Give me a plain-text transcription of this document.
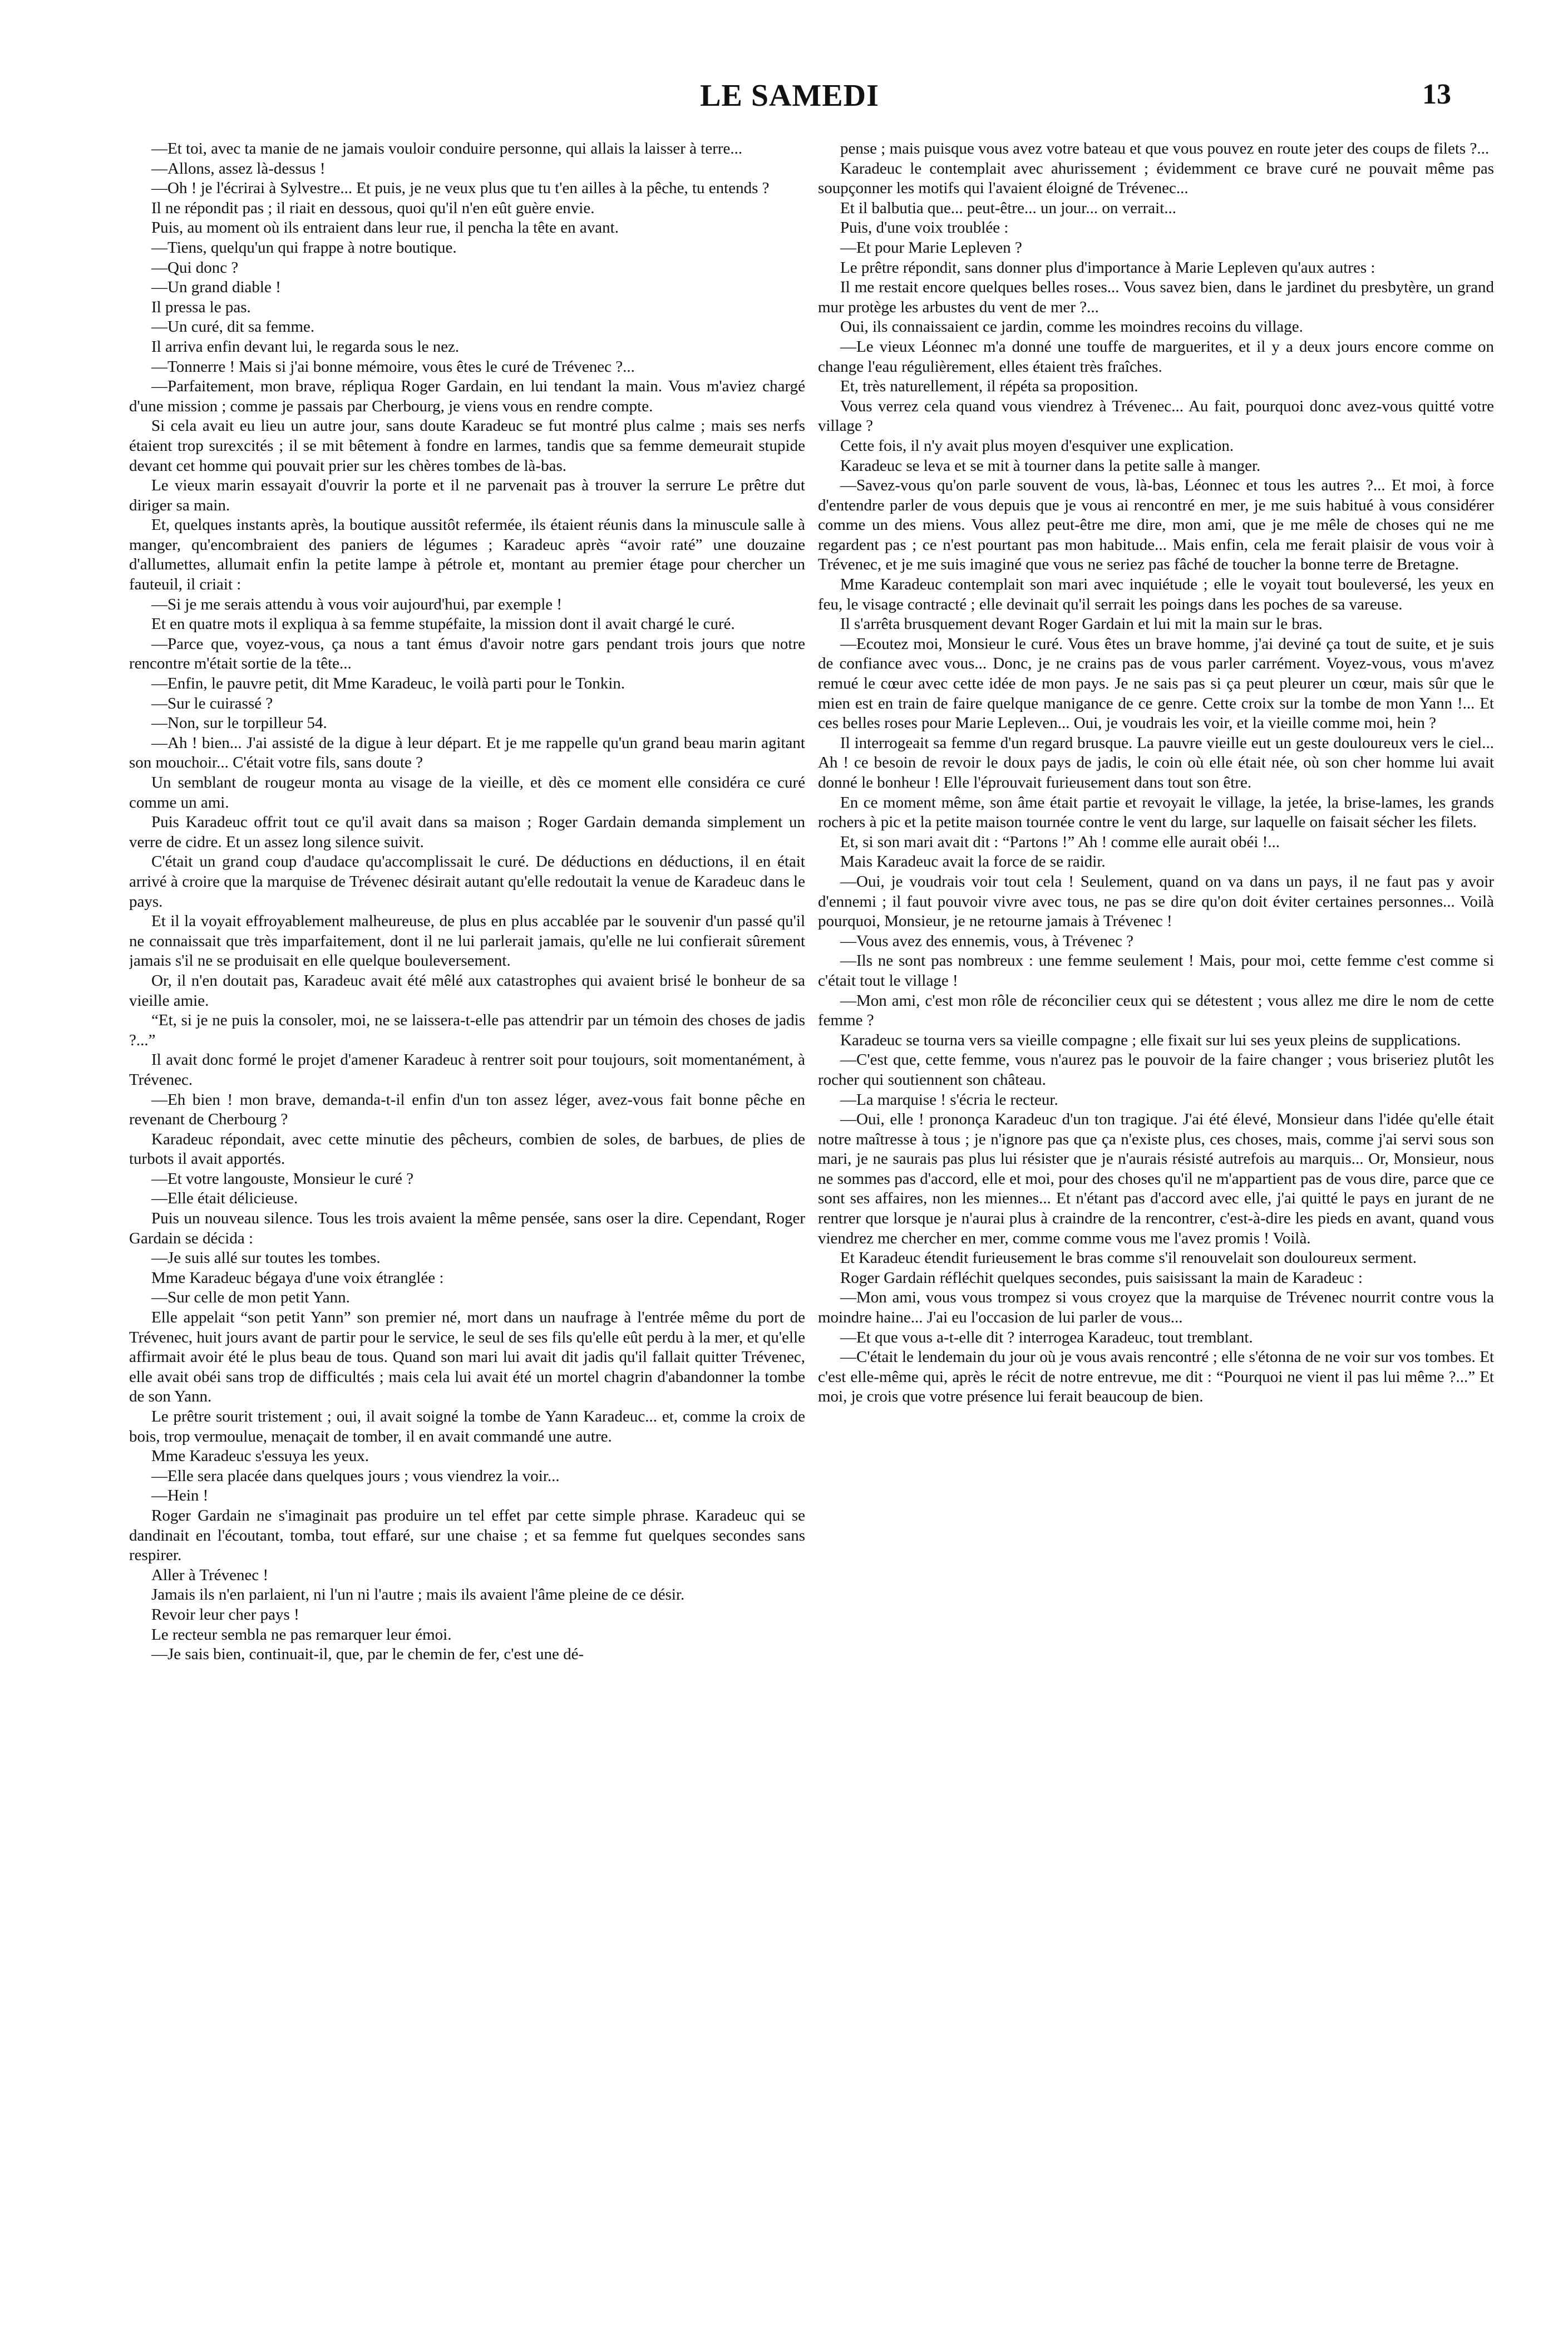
LE SAMEDI	13

—Et toi, avec ta manie de ne jamais vouloir conduire personne, qui allais la laisser à terre...

—Allons, assez là-dessus !

—Oh ! je l'écrirai à Sylvestre... Et puis, je ne veux plus que tu t'en ailles à la pêche, tu entends ?

Il ne répondit pas ; il riait en dessous, quoi qu'il n'en eût guère envie.

Puis, au moment où ils entraient dans leur rue, il pencha la tête en avant.

—Tiens, quelqu'un qui frappe à notre boutique.

—Qui donc ?

—Un grand diable !

Il pressa le pas.

—Un curé, dit sa femme.

Il arriva enfin devant lui, le regarda sous le nez.

—Tonnerre ! Mais si j'ai bonne mémoire, vous êtes le curé de Trévenec ?...

—Parfaitement, mon brave, répliqua Roger Gardain, en lui tendant la main. Vous m'aviez chargé d'une mission ; comme je passais par Cherbourg, je viens vous en rendre compte.

Si cela avait eu lieu un autre jour, sans doute Karadeuc se fut montré plus calme ; mais ses nerfs étaient trop surexcités ; il se mit bêtement à fondre en larmes, tandis que sa femme demeurait stupide devant cet homme qui pouvait prier sur les chères tombes de là-bas.

Le vieux marin essayait d'ouvrir la porte et il ne parvenait pas à trouver la serrure Le prêtre dut diriger sa main.

Et, quelques instants après, la boutique aussitôt refermée, ils étaient réunis dans la minuscule salle à manger, qu'encombraient des paniers de légumes ; Karadeuc après “avoir raté” une douzaine d'allumettes, allumait enfin la petite lampe à pétrole et, montant au premier étage pour chercher un fauteuil, il criait :

—Si je me serais attendu à vous voir aujourd'hui, par exemple !

Et en quatre mots il expliqua à sa femme stupéfaite, la mission dont il avait chargé le curé.

—Parce que, voyez-vous, ça nous a tant émus d'avoir notre gars pendant trois jours que notre rencontre m'était sortie de la tête...

—Enfin, le pauvre petit, dit Mme Karadeuc, le voilà parti pour le Tonkin.

—Sur le cuirassé ?

—Non, sur le torpilleur 54.

—Ah ! bien... J'ai assisté de la digue à leur départ. Et je me rappelle qu'un grand beau marin agitant son mouchoir... C'était votre fils, sans doute ?

Un semblant de rougeur monta au visage de la vieille, et dès ce moment elle considéra ce curé comme un ami.

Puis Karadeuc offrit tout ce qu'il avait dans sa maison ; Roger Gardain demanda simplement un verre de cidre. Et un assez long silence suivit.

C'était un grand coup d'audace qu'accomplissait le curé. De déductions en déductions, il en était arrivé à croire que la marquise de Trévenec désirait autant qu'elle redoutait la venue de Karadeuc dans le pays.

Et il la voyait effroyablement malheureuse, de plus en plus accablée par le souvenir d'un passé qu'il ne connaissait que très imparfaitement, dont il ne lui parlerait jamais, qu'elle ne lui confierait sûrement jamais s'il ne se produisait en elle quelque bouleversement.

Or, il n'en doutait pas, Karadeuc avait été mêlé aux catastrophes qui avaient brisé le bonheur de sa vieille amie.

“Et, si je ne puis la consoler, moi, ne se laissera-t-elle pas attendrir par un témoin des choses de jadis ?...”

Il avait donc formé le projet d'amener Karadeuc à rentrer soit pour toujours, soit momentanément, à Trévenec.

—Eh bien ! mon brave, demanda-t-il enfin d'un ton assez léger, avez-vous fait bonne pêche en revenant de Cherbourg ?

Karadeuc répondait, avec cette minutie des pêcheurs, combien de soles, de barbues, de plies de turbots il avait apportés.

—Et votre langouste, Monsieur le curé ?

—Elle était délicieuse.

Puis un nouveau silence. Tous les trois avaient la même pensée, sans oser la dire. Cependant, Roger Gardain se décida :

—Je suis allé sur toutes les tombes.

Mme Karadeuc bégaya d'une voix étranglée :

—Sur celle de mon petit Yann.

Elle appelait “son petit Yann” son premier né, mort dans un naufrage à l'entrée même du port de Trévenec, huit jours avant de partir pour le service, le seul de ses fils qu'elle eût perdu à la mer, et qu'elle affirmait avoir été le plus beau de tous. Quand son mari lui avait dit jadis qu'il fallait quitter Trévenec, elle avait obéi sans trop de difficultés ; mais cela lui avait été un mortel chagrin d'abandonner la tombe de son Yann.

Le prêtre sourit tristement ; oui, il avait soigné la tombe de Yann Karadeuc... et, comme la croix de bois, trop vermoulue, menaçait de tomber, il en avait commandé une autre.

Mme Karadeuc s'essuya les yeux.

—Elle sera placée dans quelques jours ; vous viendrez la voir...

—Hein !

Roger Gardain ne s'imaginait pas produire un tel effet par cette simple phrase. Karadeuc qui se dandinait en l'écoutant, tomba, tout effaré, sur une chaise ; et sa femme fut quelques secondes sans respirer.

Aller à Trévenec !

Jamais ils n'en parlaient, ni l'un ni l'autre ; mais ils avaient l'âme pleine de ce désir.

Revoir leur cher pays !

Le recteur sembla ne pas remarquer leur émoi.

—Je sais bien, continuait-il, que, par le chemin de fer, c'est une dé-

pense ; mais puisque vous avez votre bateau et que vous pouvez en route jeter des coups de filets ?...

Karadeuc le contemplait avec ahurissement ; évidemment ce brave curé ne pouvait même pas soupçonner les motifs qui l'avaient éloigné de Trévenec...

Et il balbutia que... peut-être... un jour... on verrait...

Puis, d'une voix troublée :

—Et pour Marie Lepleven ?

Le prêtre répondit, sans donner plus d'importance à Marie Lepleven qu'aux autres :

Il me restait encore quelques belles roses... Vous savez bien, dans le jardinet du presbytère, un grand mur protège les arbustes du vent de mer ?...

Oui, ils connaissaient ce jardin, comme les moindres recoins du village.

—Le vieux Léonnec m'a donné une touffe de marguerites, et il y a deux jours encore comme on change l'eau régulièrement, elles étaient très fraîches.

Et, très naturellement, il répéta sa proposition.

Vous verrez cela quand vous viendrez à Trévenec... Au fait, pourquoi donc avez-vous quitté votre village ?

Cette fois, il n'y avait plus moyen d'esquiver une explication.

Karadeuc se leva et se mit à tourner dans la petite salle à manger.

—Savez-vous qu'on parle souvent de vous, là-bas, Léonnec et tous les autres ?... Et moi, à force d'entendre parler de vous depuis que je vous ai rencontré en mer, je me suis habitué à vous considérer comme un des miens. Vous allez peut-être me dire, mon ami, que je me mêle de choses qui ne me regardent pas ; ce n'est pourtant pas mon habitude... Mais enfin, cela me ferait plaisir de vous voir à Trévenec, et je me suis imaginé que vous ne seriez pas fâché de toucher la bonne terre de Bretagne.

Mme Karadeuc contemplait son mari avec inquiétude ; elle le voyait tout bouleversé, les yeux en feu, le visage contracté ; elle devinait qu'il serrait les poings dans les poches de sa vareuse.

Il s'arrêta brusquement devant Roger Gardain et lui mit la main sur le bras.

—Ecoutez moi, Monsieur le curé. Vous êtes un brave homme, j'ai deviné ça tout de suite, et je suis de confiance avec vous... Donc, je ne crains pas de vous parler carrément. Voyez-vous, vous m'avez remué le cœur avec cette idée de mon pays. Je ne sais pas si ça peut pleurer un cœur, mais sûr que le mien est en train de faire quelque manigance de ce genre. Cette croix sur la tombe de mon Yann !... Et ces belles roses pour Marie Lepleven... Oui, je voudrais les voir, et la vieille comme moi, hein ?

Il interrogeait sa femme d'un regard brusque. La pauvre vieille eut un geste douloureux vers le ciel... Ah ! ce besoin de revoir le doux pays de jadis, le coin où elle était née, où son cher homme lui avait donné le bonheur ! Elle l'éprouvait furieusement dans tout son être.

En ce moment même, son âme était partie et revoyait le village, la jetée, la brise-lames, les grands rochers à pic et la petite maison tournée contre le vent du large, sur laquelle on faisait sécher les filets.

Et, si son mari avait dit : “Partons !” Ah ! comme elle aurait obéi !...

Mais Karadeuc avait la force de se raidir.

—Oui, je voudrais voir tout cela ! Seulement, quand on va dans un pays, il ne faut pas y avoir d'ennemi ; il faut pouvoir vivre avec tous, ne pas se dire qu'on doit éviter certaines personnes... Voilà pourquoi, Monsieur, je ne retourne jamais à Trévenec !

—Vous avez des ennemis, vous, à Trévenec ?

—Ils ne sont pas nombreux : une femme seulement ! Mais, pour moi, cette femme c'est comme si c'était tout le village !

—Mon ami, c'est mon rôle de réconcilier ceux qui se détestent ; vous allez me dire le nom de cette femme ?

Karadeuc se tourna vers sa vieille compagne ; elle fixait sur lui ses yeux pleins de supplications.

—C'est que, cette femme, vous n'aurez pas le pouvoir de la faire changer ; vous briseriez plutôt les rocher qui soutiennent son château.

—La marquise ! s'écria le recteur.

—Oui, elle ! prononça Karadeuc d'un ton tragique. J'ai été élevé, Monsieur dans l'idée qu'elle était notre maîtresse à tous ; je n'ignore pas que ça n'existe plus, ces choses, mais, comme j'ai servi sous son mari, je ne saurais pas plus lui résister que je n'aurais résisté autrefois au marquis... Or, Monsieur, nous ne sommes pas d'accord, elle et moi, pour des choses qu'il ne m'appartient pas de vous dire, parce que ce sont ses affaires, non les miennes... Et n'étant pas d'accord avec elle, j'ai quitté le pays en jurant de ne rentrer que lorsque je n'aurai plus à craindre de la rencontrer, c'est-à-dire les pieds en avant, quand vous viendrez me chercher en mer, comme comme vous me l'avez promis ! Voilà.

Et Karadeuc étendit furieusement le bras comme s'il renouvelait son douloureux serment.

Roger Gardain réfléchit quelques secondes, puis saisissant la main de Karadeuc :

—Mon ami, vous vous trompez si vous croyez que la marquise de Trévenec nourrit contre vous la moindre haine... J'ai eu l'occasion de lui parler de vous...

—Et que vous a-t-elle dit ? interrogea Karadeuc, tout tremblant.

—C'était le lendemain du jour où je vous avais rencontré ; elle s'étonna de ne voir sur vos tombes. Et c'est elle-même qui, après le récit de notre entrevue, me dit : “Pourquoi ne vient il pas lui même ?...” Et moi, je crois que votre présence lui ferait beaucoup de bien.
